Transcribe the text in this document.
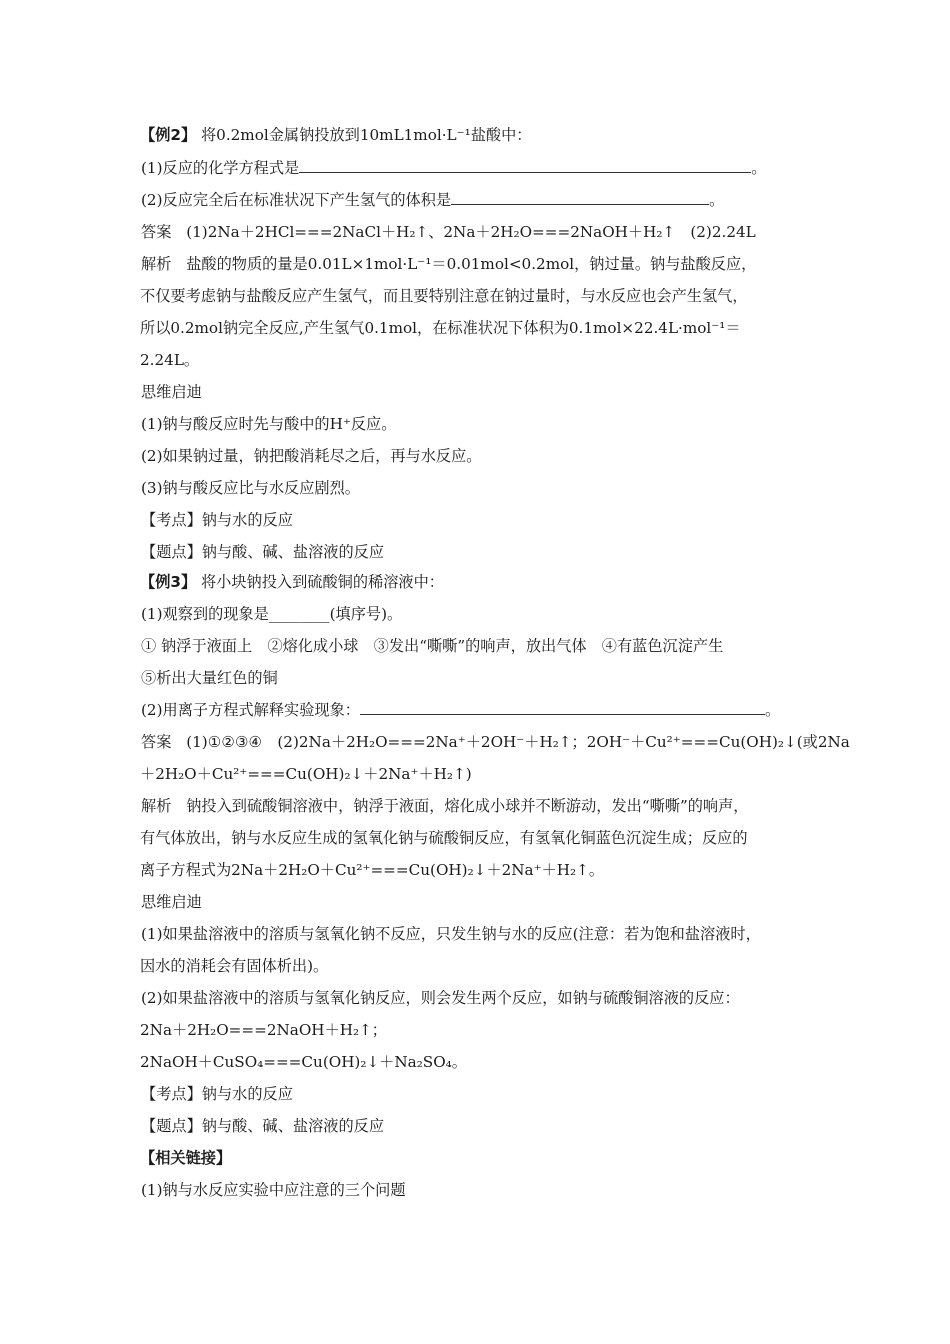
【例2】 将0.2mol金属钠投放到10mL1mol·L⁻¹盐酸中：
(1)反应的化学方程式是	。
(2)反应完全后在标准状况下产生氢气的体积是	。
答案 (1)2Na＋2HCl===2NaCl＋H₂↑、2Na＋2H₂O===2NaOH＋H₂↑　(2)2.24L
解析 盐酸的物质的量是0.01L×1mol·L⁻¹＝0.01mol<0.2mol，钠过量。钠与盐酸反应，
不仅要考虑钠与盐酸反应产生氢气，而且要特别注意在钠过量时，与水反应也会产生氢气，
所以0.2mol钠完全反应,产生氢气0.1mol，在标准状况下体积为0.1mol×22.4L·mol⁻¹＝
2.24L。
思维启迪
(1)钠与酸反应时先与酸中的H⁺反应。
(2)如果钠过量，钠把酸消耗尽之后，再与水反应。
(3)钠与酸反应比与水反应剧烈。
【考点】钠与水的反应
【题点】钠与酸、碱、盐溶液的反应
【例3】 将小块钠投入到硫酸铜的稀溶液中：
(1)观察到的现象是________(填序号)。
① 钠浮于液面上　②熔化成小球　③发出“嘶嘶”的响声，放出气体　④有蓝色沉淀产生
⑤析出大量红色的铜
(2)用离子方程式解释实验现象：	。
答案 (1)①②③④　(2)2Na＋2H₂O===2Na⁺＋2OH⁻＋H₂↑；2OH⁻＋Cu²⁺===Cu(OH)₂↓(或2Na
＋2H₂O＋Cu²⁺===Cu(OH)₂↓＋2Na⁺＋H₂↑)
解析 钠投入到硫酸铜溶液中，钠浮于液面，熔化成小球并不断游动，发出“嘶嘶”的响声，
有气体放出，钠与水反应生成的氢氧化钠与硫酸铜反应，有氢氧化铜蓝色沉淀生成；反应的
离子方程式为2Na＋2H₂O＋Cu²⁺===Cu(OH)₂↓＋2Na⁺＋H₂↑。
思维启迪
(1)如果盐溶液中的溶质与氢氧化钠不反应，只发生钠与水的反应(注意：若为饱和盐溶液时，
因水的消耗会有固体析出)。
(2)如果盐溶液中的溶质与氢氧化钠反应，则会发生两个反应，如钠与硫酸铜溶液的反应：
2Na＋2H₂O===2NaOH＋H₂↑；
2NaOH＋CuSO₄===Cu(OH)₂↓＋Na₂SO₄。
【考点】钠与水的反应
【题点】钠与酸、碱、盐溶液的反应
【相关链接】
(1)钠与水反应实验中应注意的三个问题
